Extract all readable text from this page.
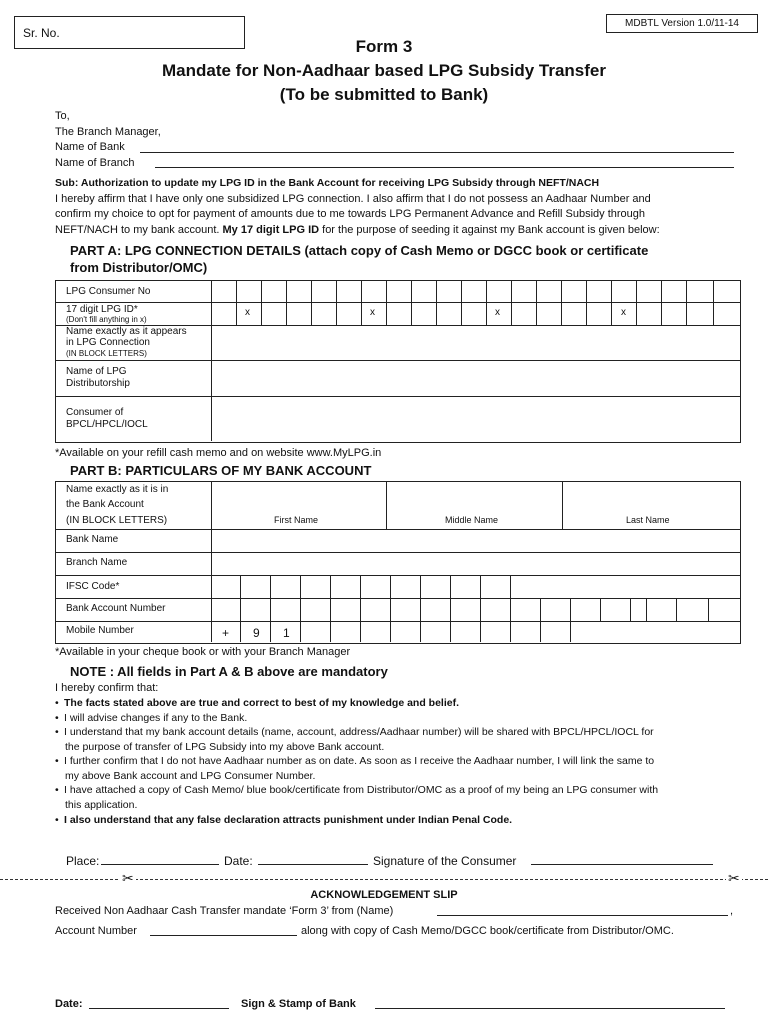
Sr. No.
MDBTL Version 1.0/11-14
Form 3
Mandate for Non-Aadhaar based LPG Subsidy Transfer
(To be submitted to Bank)
To,
The Branch Manager,
Name of Bank
Name of Branch
Sub: Authorization to update my LPG ID in the Bank Account for receiving LPG Subsidy through NEFT/NACH
I hereby affirm that I have only one subsidized LPG connection. I also affirm that I do not possess an Aadhaar Number and
confirm my choice to opt for payment of amounts due to me towards LPG Permanent Advance and Refill Subsidy through
NEFT/NACH to my bank account. My 17 digit LPG ID for the purpose of seeding it against my Bank account is given below:
PART A: LPG CONNECTION DETAILS (attach copy of Cash Memo or DGCC book or certificate
from Distributor/OMC)
LPG Consumer No
17 digit LPG ID*
(Don't fill anything in x)
x	x	x	x
Name exactly as it appears
in LPG Connection
(IN BLOCK LETTERS)
Name of LPG
Distributorship
Consumer of
BPCL/HPCL/IOCL
*Available on your refill cash memo and on website www.MyLPG.in
PART B: PARTICULARS OF MY BANK ACCOUNT
Name exactly as it is in
the Bank Account
(IN BLOCK LETTERS)	First Name	Middle Name	Last Name
Bank Name
Branch Name
IFSC Code*
Bank Account Number
Mobile Number	+ 9 1
*Available in your cheque book or with your Branch Manager
NOTE : All fields in Part A & B above are mandatory
I hereby confirm that:
• The facts stated above are true and correct to best of my knowledge and belief.
• I will advise changes if any to the Bank.
• I understand that my bank account details (name, account, address/Aadhaar number) will be shared with BPCL/HPCL/IOCL for
the purpose of transfer of LPG Subsidy into my above Bank account.
• I further confirm that I do not have Aadhaar number as on date. As soon as I receive the Aadhaar number, I will link the same to
my above Bank account and LPG Consumer Number.
• I have attached a copy of Cash Memo/ blue book/certificate from Distributor/OMC as a proof of my being an LPG consumer with
this application.
• I also understand that any false declaration attracts punishment under Indian Penal Code.
Place:	Date:	Signature of the Consumer
✂	✂
ACKNOWLEDGEMENT SLIP
Received Non Aadhaar Cash Transfer mandate ‘Form 3’ from (Name)	,
Account Number	along with copy of Cash Memo/DGCC book/certificate from Distributor/OMC.
Date:	Sign & Stamp of Bank
